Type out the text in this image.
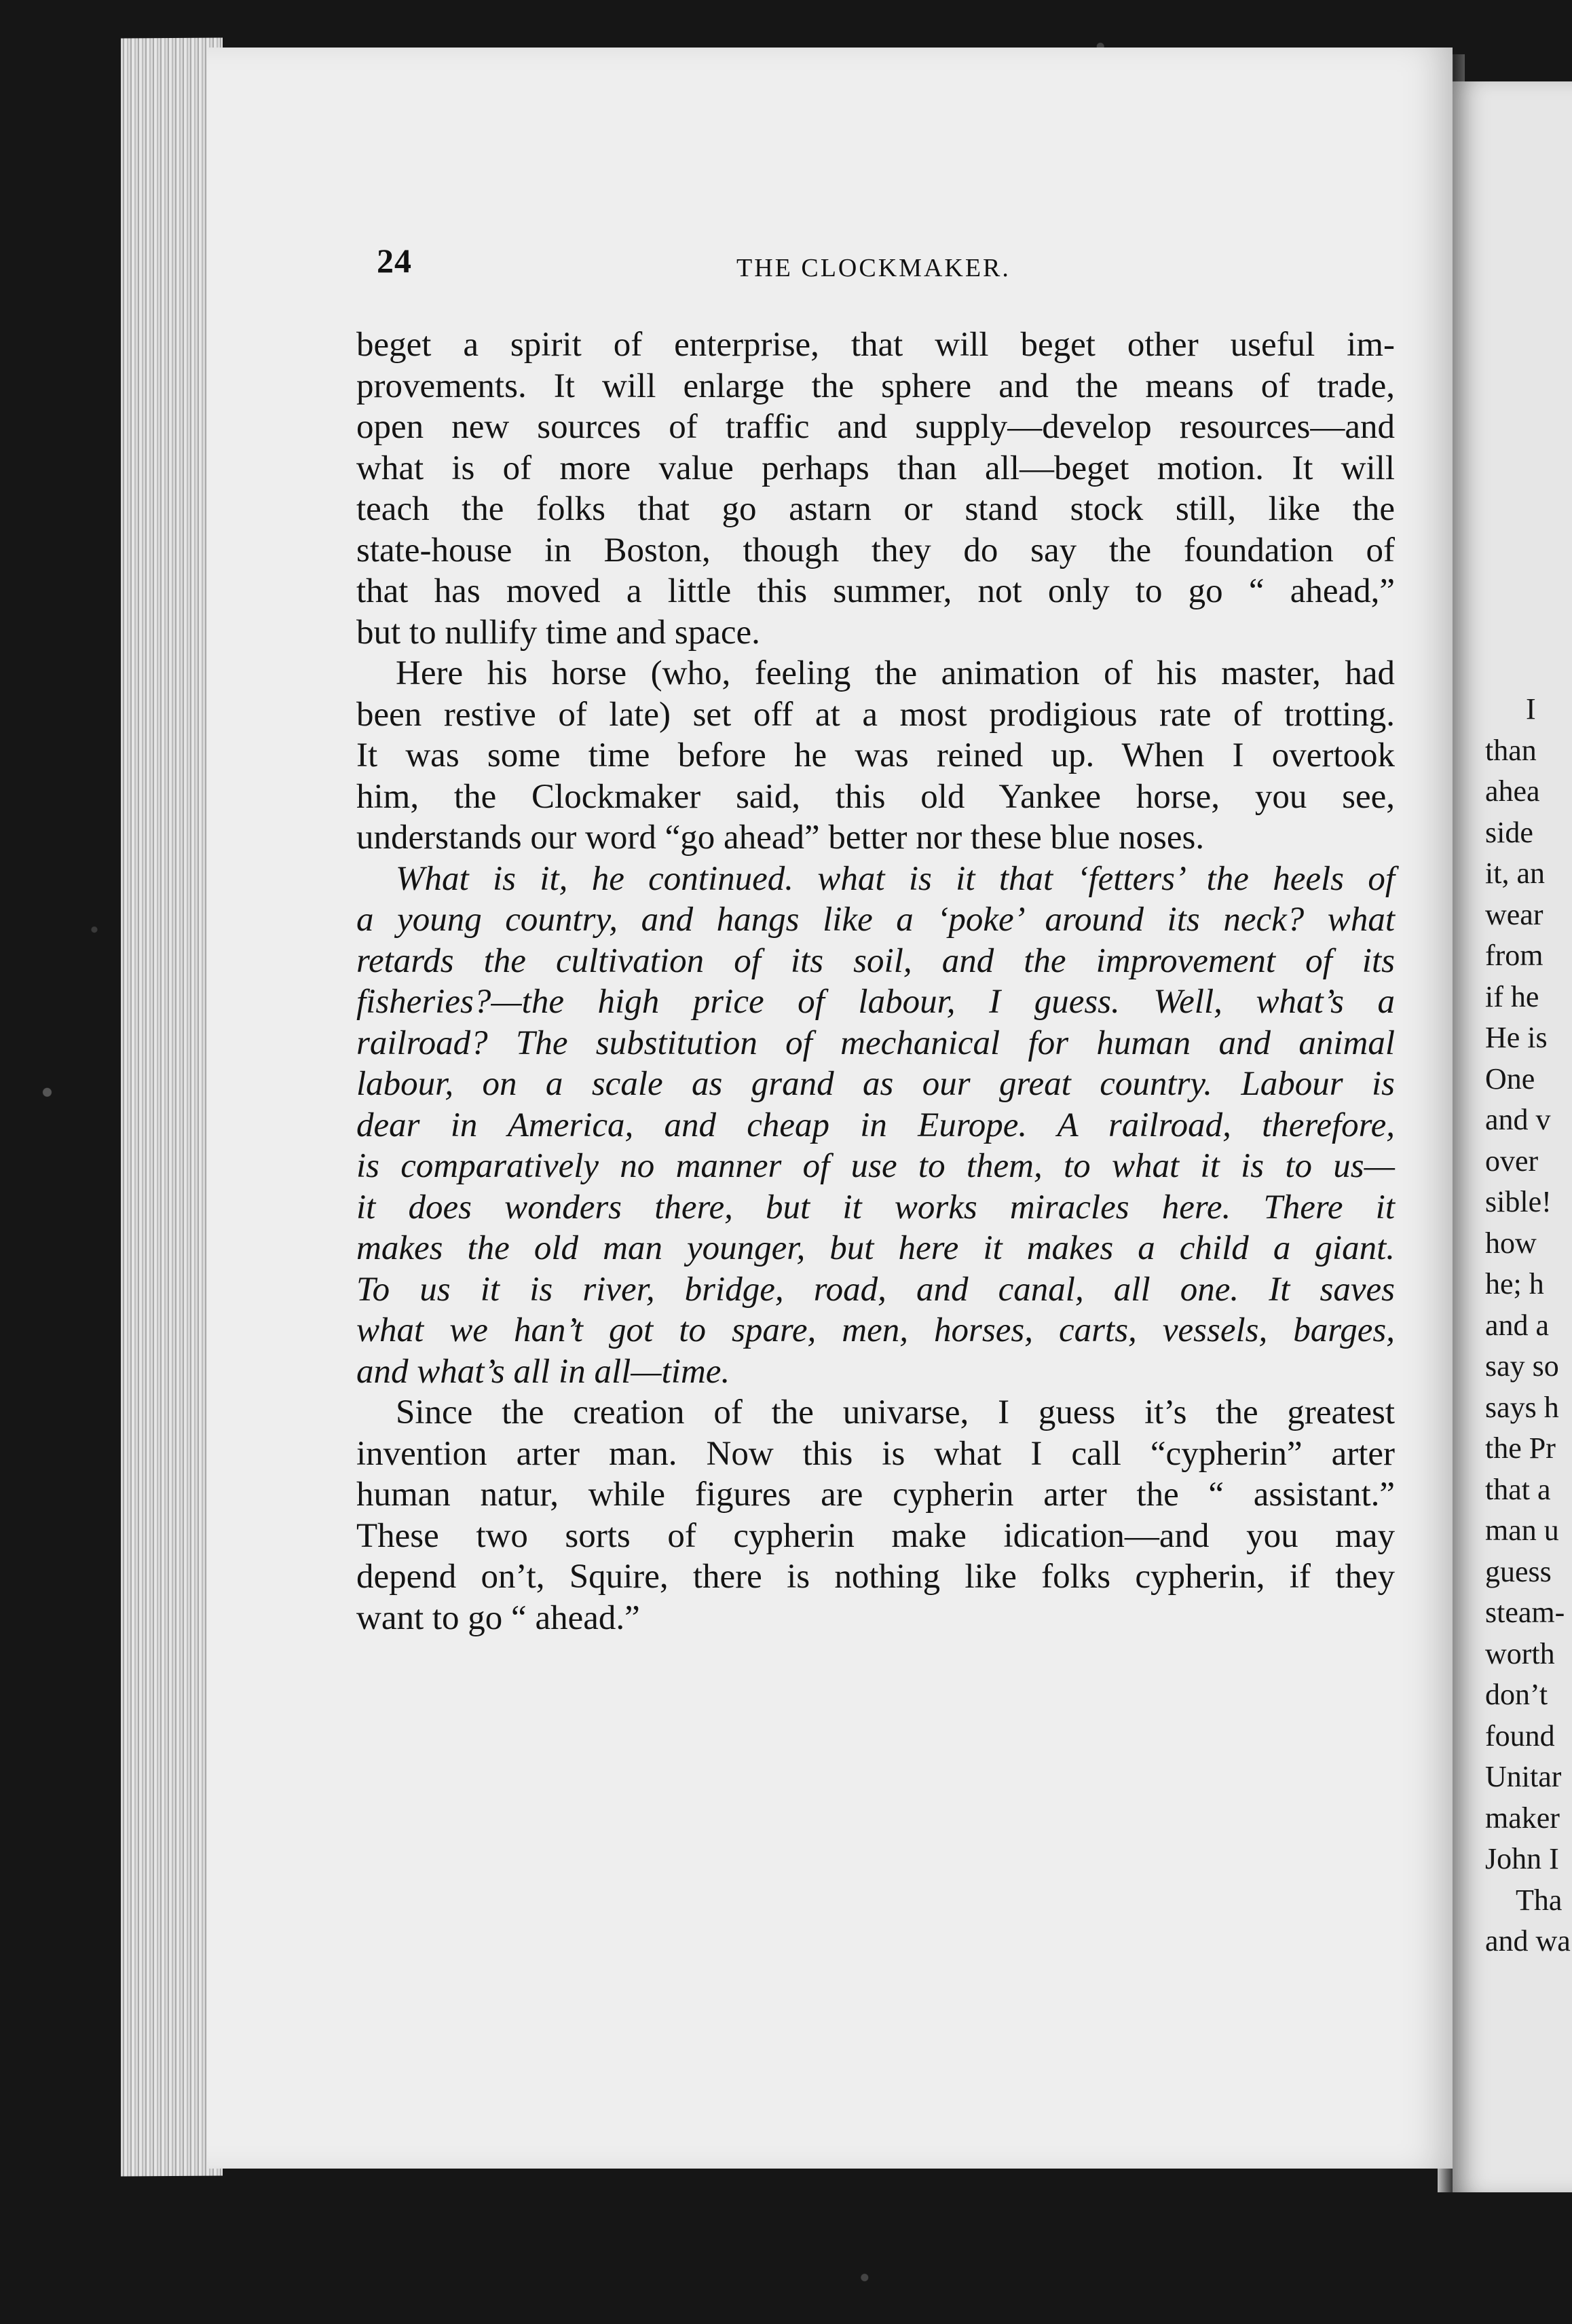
I
than
ahea
side
it, an
wear
from
if he
He is
One
and v
over
sible!
how
he; h
and a
say so
says h
the Pr
that a
man u
guess
steam-
worth
don’t
found
Unitar
maker
John I
Tha
and wa
24	THE CLOCKMAKER.
beget a spirit of enterprise, that will beget other useful im-
provements. It will enlarge the sphere and the means of trade,
open new sources of traffic and supply—develop resources—and
what is of more value perhaps than all—beget motion. It will
teach the folks that go astarn or stand stock still, like the
state-house in Boston, though they do say the foundation of
that has moved a little this summer, not only to go “ ahead,”
but to nullify time and space.
Here his horse (who, feeling the animation of his master, had
been restive of late) set off at a most prodigious rate of trotting.
It was some time before he was reined up. When I overtook
him, the Clockmaker said, this old Yankee horse, you see,
understands our word “go ahead” better nor these blue noses.
What is it, he continued. what is it that ‘fetters’ the heels of
a young country, and hangs like a ‘poke’ around its neck? what
retards the cultivation of its soil, and the improvement of its
fisheries?—the high price of labour, I guess. Well, what’s a
railroad? The substitution of mechanical for human and animal
labour, on a scale as grand as our great country. Labour is
dear in America, and cheap in Europe. A railroad, therefore,
is comparatively no manner of use to them, to what it is to us—
it does wonders there, but it works miracles here. There it
makes the old man younger, but here it makes a child a giant.
To us it is river, bridge, road, and canal, all one. It saves
what we han’t got to spare, men, horses, carts, vessels, barges,
and what’s all in all—time.
Since the creation of the univarse, I guess it’s the greatest
invention arter man. Now this is what I call “cypherin” arter
human natur, while figures are cypherin arter the “ assistant.”
These two sorts of cypherin make idication—and you may
depend on’t, Squire, there is nothing like folks cypherin, if they
want to go “ ahead.”
